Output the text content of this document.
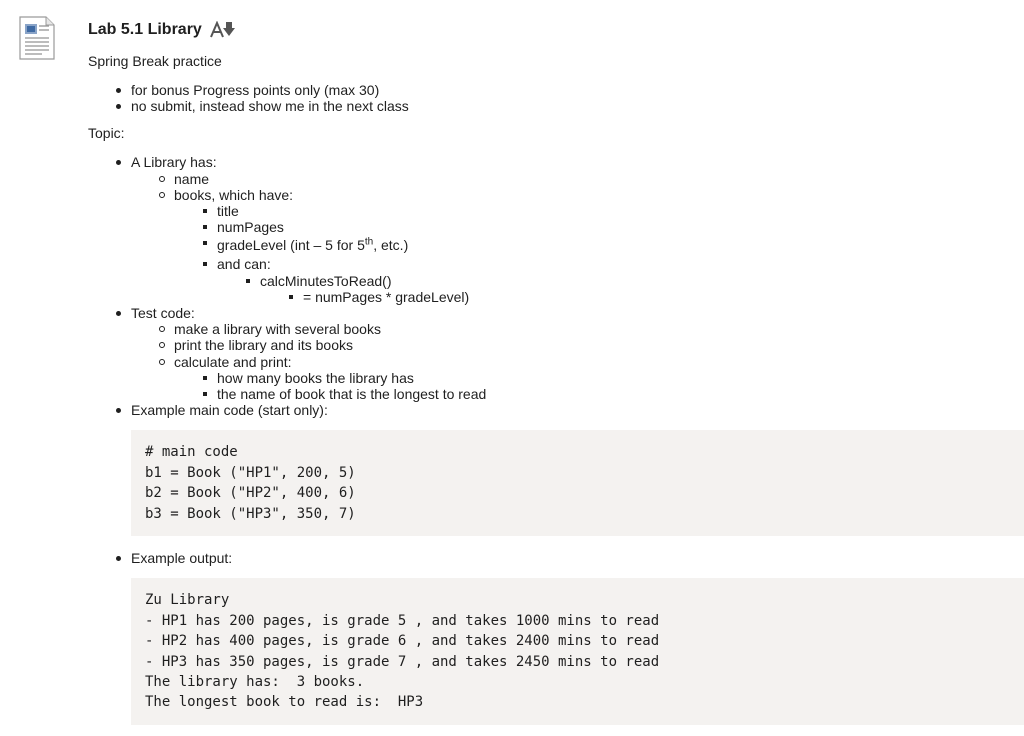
Lab 5.1 Library

Spring Break practice

for bonus Progress points only (max 30)
no submit, instead show me in the next class

Topic:

A Library has:
name
books, which have:
title
numPages
gradeLevel (int – 5 for 5th, etc.)
and can:
calcMinutesToRead()
= numPages * gradeLevel)
Test code:
make a library with several books
print the library and its books
calculate and print:
how many books the library has
the name of book that is the longest to read
Example main code (start only):
# main code
b1 = Book ("HP1", 200, 5)
b2 = Book ("HP2", 400, 6)
b3 = Book ("HP3", 350, 7)
Example output:
Zu Library
- HP1 has 200 pages, is grade 5 , and takes 1000 mins to read
- HP2 has 400 pages, is grade 6 , and takes 2400 mins to read
- HP3 has 350 pages, is grade 7 , and takes 2450 mins to read
The library has:  3 books.
The longest book to read is:  HP3
